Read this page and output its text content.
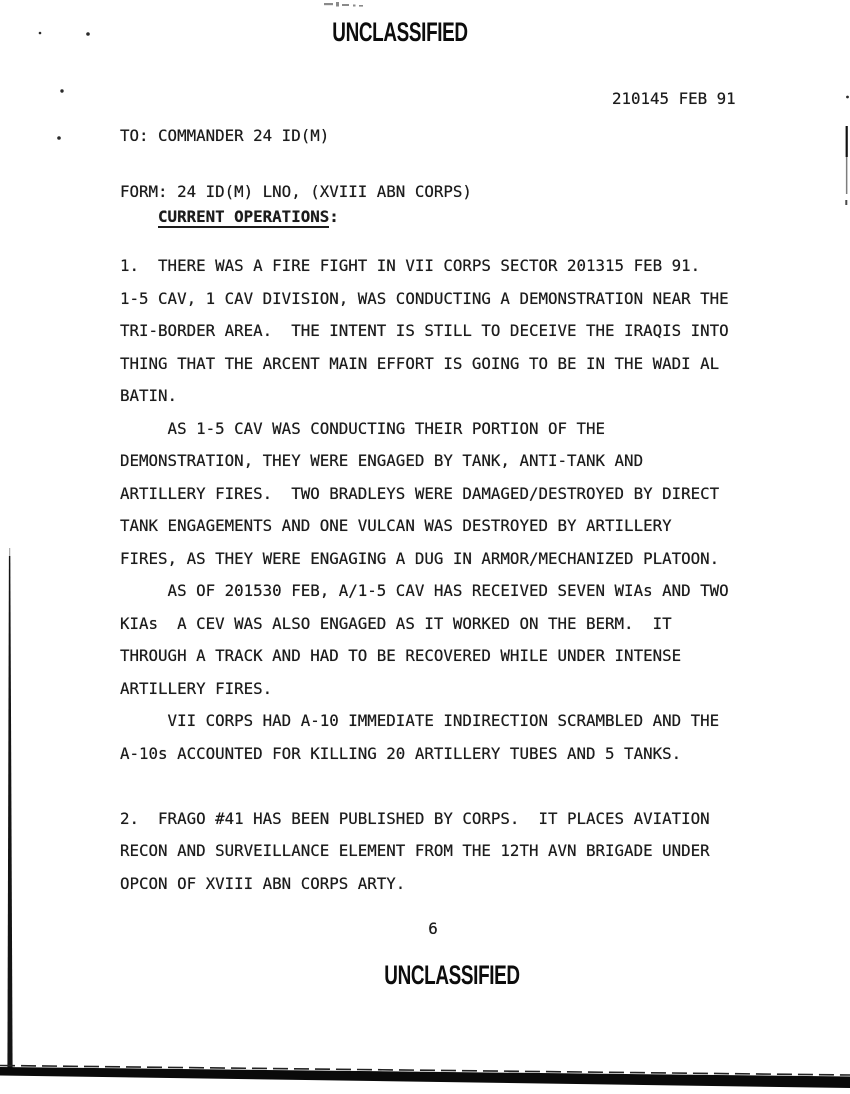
UNCLASSIFIED

TO: COMMANDER 24 ID(M)

FORM: 24 ID(M) LNO, (XVIII ABN CORPS)

210145 FEB 91

CURRENT OPERATIONS:

1.  THERE WAS A FIRE FIGHT IN VII CORPS SECTOR 201315 FEB 91.
1-5 CAV, 1 CAV DIVISION, WAS CONDUCTING A DEMONSTRATION NEAR THE
TRI-BORDER AREA.  THE INTENT IS STILL TO DECEIVE THE IRAQIS INTO
THING THAT THE ARCENT MAIN EFFORT IS GOING TO BE IN THE WADI AL
BATIN.
AS 1-5 CAV WAS CONDUCTING THEIR PORTION OF THE
DEMONSTRATION, THEY WERE ENGAGED BY TANK, ANTI-TANK AND
ARTILLERY FIRES.  TWO BRADLEYS WERE DAMAGED/DESTROYED BY DIRECT
TANK ENGAGEMENTS AND ONE VULCAN WAS DESTROYED BY ARTILLERY
FIRES, AS THEY WERE ENGAGING A DUG IN ARMOR/MECHANIZED PLATOON.
AS OF 201530 FEB, A/1-5 CAV HAS RECEIVED SEVEN WIAs AND TWO
KIAs  A CEV WAS ALSO ENGAGED AS IT WORKED ON THE BERM.  IT
THROUGH A TRACK AND HAD TO BE RECOVERED WHILE UNDER INTENSE
ARTILLERY FIRES.
VII CORPS HAD A-10 IMMEDIATE INDIRECTION SCRAMBLED AND THE
A-10s ACCOUNTED FOR KILLING 20 ARTILLERY TUBES AND 5 TANKS.
2.  FRAGO #41 HAS BEEN PUBLISHED BY CORPS.  IT PLACES AVIATION
RECON AND SURVEILLANCE ELEMENT FROM THE 12TH AVN BRIGADE UNDER
OPCON OF XVIII ABN CORPS ARTY.
6
UNCLASSIFIED
